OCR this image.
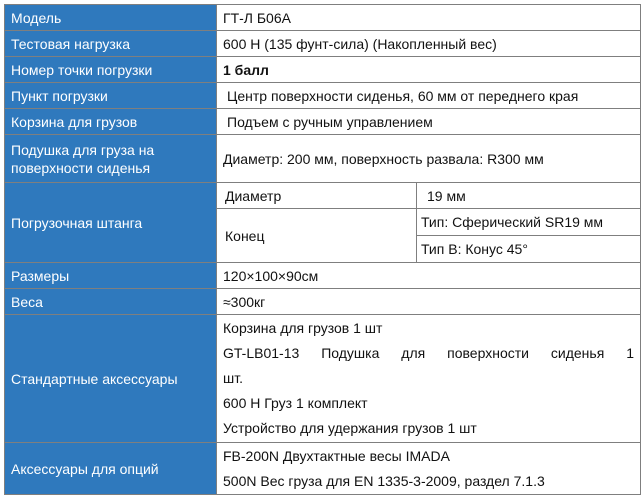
Модель	ГТ-Л Б06А	
Тестовая нагрузка	600 Н (135 фунт-сила) (Накопленный вес)	
Номер точки погрузки	1 балл	
Пункт погрузки	Центр поверхности сиденья, 60 мм от переднего края	
Корзина для грузов	Подъем с ручным управлением	

Подушка для груза на
поверхности сиденья	Диаметр: 200 мм, поверхность развала: R300 мм	
Погрузочная штанга	Диаметр	19 мм
	Конец	Тип: Сферический SR19 мм
		Тип В: Конус 45°
Размеры	120×100×90см	
Веса	≈300кг	
Стандартные аксессуары	Корзина для грузов 1 шт
GT-LB01-13 Подушка для поверхности сиденья 1
шт.
600 Н Груз 1 комплект
Устройство для удержания грузов 1 шт	

Аксессуары для опций	FB-200N Двухтактные весы IMADA
500N Вес груза для EN 1335-3-2009, раздел 7.1.3	
